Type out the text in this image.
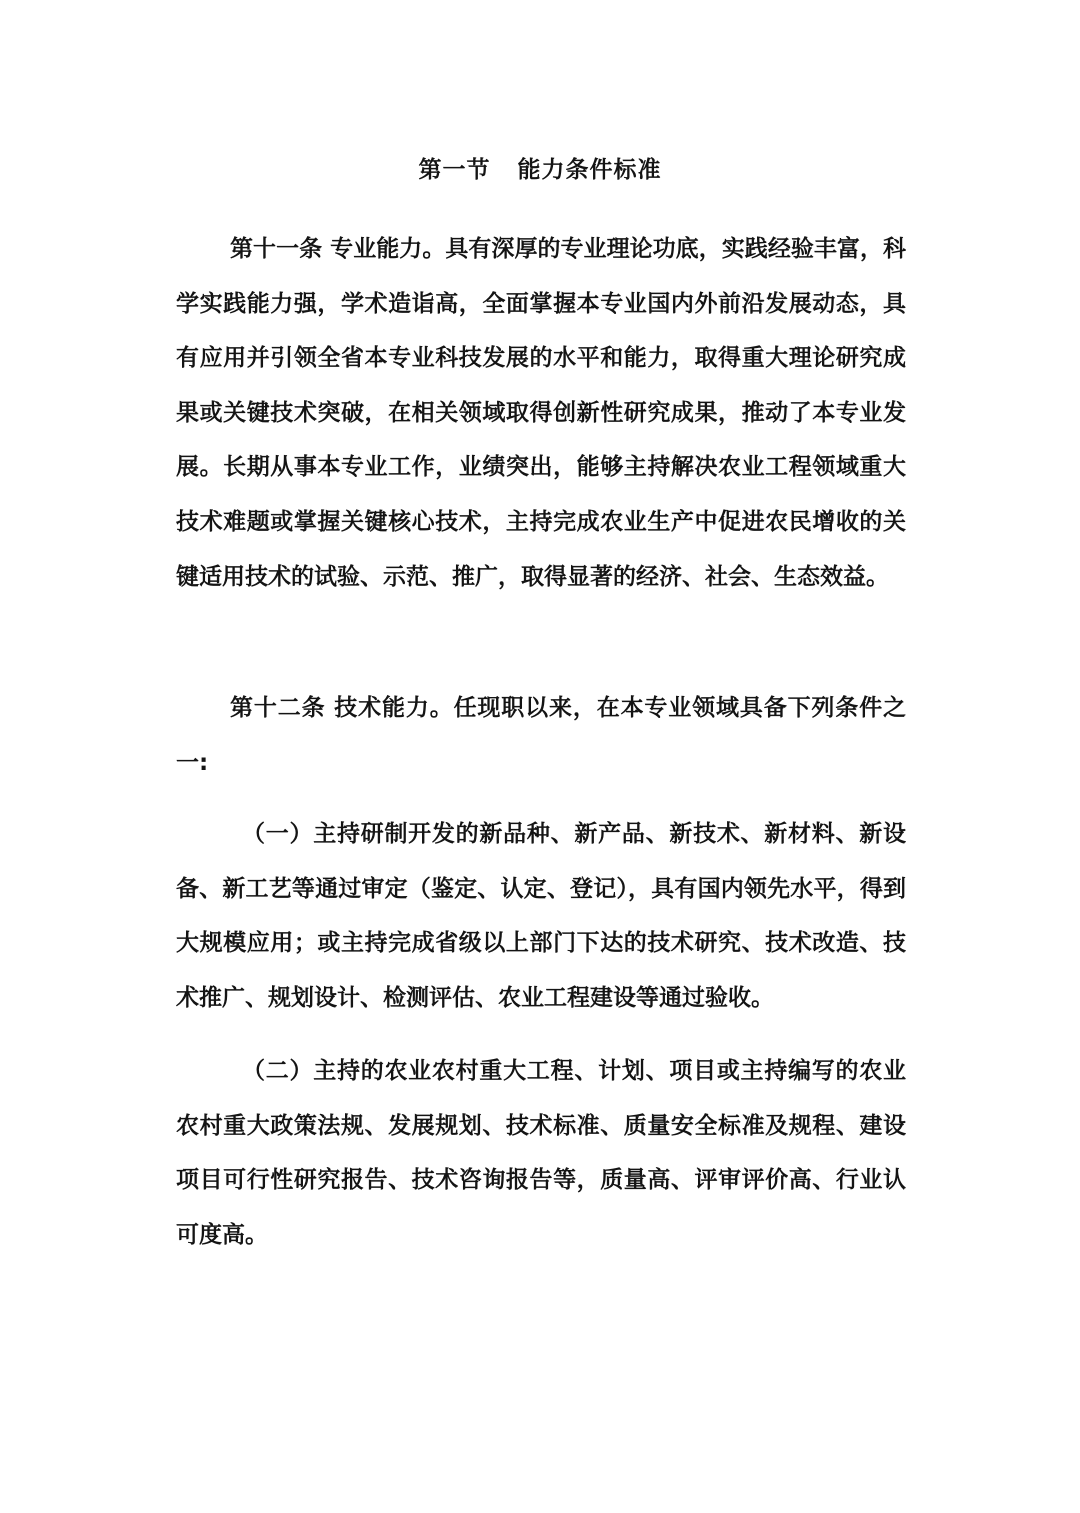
第一节   能力条件标准

第十一条 专业能力。具有深厚的专业理论功底，实践经验丰富，科学实践能力强，学术造诣高，全面掌握本专业国内外前沿发展动态，具有应用并引领全省本专业科技发展的水平和能力，取得重大理论研究成果或关键技术突破，在相关领域取得创新性研究成果，推动了本专业发展。长期从事本专业工作，业绩突出，能够主持解决农业工程领域重大技术难题或掌握关键核心技术，主持完成农业生产中促进农民增收的关键适用技术的试验、示范、推广，取得显著的经济、社会、生态效益。

第十二条 技术能力。任现职以来，在本专业领域具备下列条件之一:

（一）主持研制开发的新品种、新产品、新技术、新材料、新设备、新工艺等通过审定（鉴定、认定、登记），具有国内领先水平，得到大规模应用；或主持完成省级以上部门下达的技术研究、技术改造、技术推广、规划设计、检测评估、农业工程建设等通过验收。

（二）主持的农业农村重大工程、计划、项目或主持编写的农业农村重大政策法规、发展规划、技术标准、质量安全标准及规程、建设项目可行性研究报告、技术咨询报告等，质量高、评审评价高、行业认可度高。
